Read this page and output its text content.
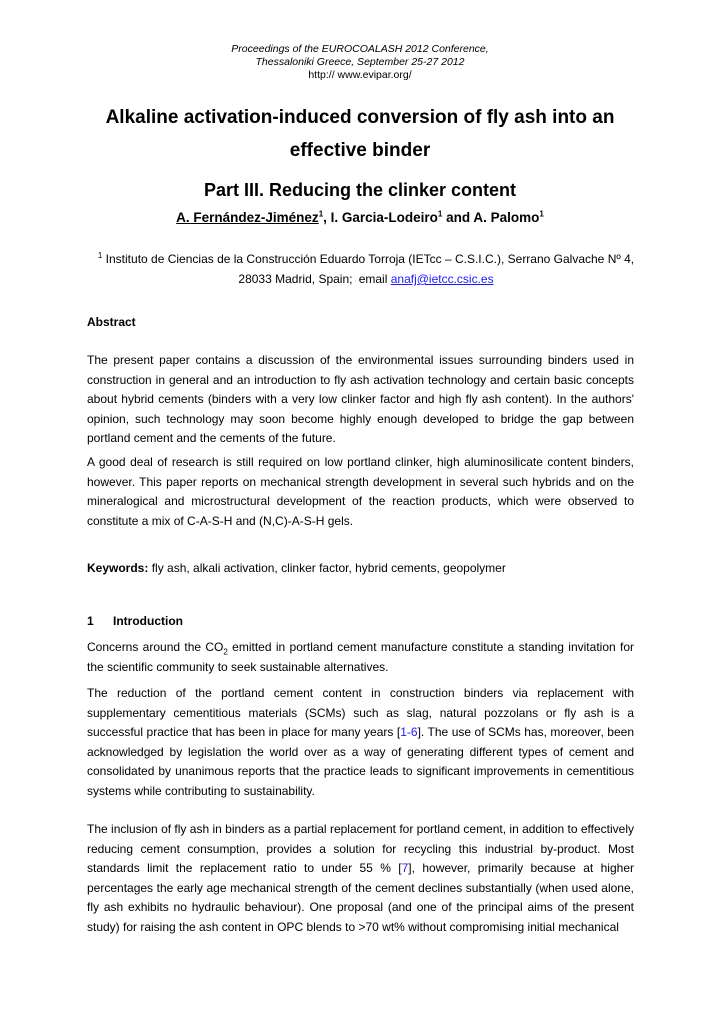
Proceedings of the EUROCOALASH 2012 Conference,
Thessaloniki Greece, September 25-27 2012
http:// www.evipar.org/
Alkaline activation-induced conversion of fly ash into an
effective binder
Part III. Reducing the clinker content
A. Fernández-Jiménez$^1$, I. Garcia-Lodeiro$^1$ and A. Palomo$^1$
$^1$ Instituto de Ciencias de la Construcción Eduardo Torroja (IETcc – C.S.I.C.), Serrano Galvache Nº 4,
28033 Madrid, Spain; · email anafj@ietcc.csic.es
Abstract
The present paper contains a discussion of the environmental issues surrounding binders used in construction in general and an introduction to fly ash activation technology and certain basic concepts about hybrid cements (binders with a very low clinker factor and high fly ash content). In the authors' opinion, such technology may soon become highly enough developed to bridge the gap between portland cement and the cements of the future.
A good deal of research is still required on low portland clinker, high aluminosilicate content binders, however. This paper reports on mechanical strength development in several such hybrids and on the mineralogical and microstructural development of the reaction products, which were observed to constitute a mix of C-A-S-H and (N,C)-A-S-H gels.
Keywords: fly ash, alkali activation, clinker factor, hybrid cements, geopolymer
1 Introduction
Concerns around the $CO_2$ emitted in portland cement manufacture constitute a standing invitation for the scientific community to seek sustainable alternatives.
The reduction of the portland cement content in construction binders via replacement with supplementary cementitious materials (SCMs) such as slag, natural pozzolans or fly ash is a successful practice that has been in place for many years [1-6]. The use of SCMs has, moreover, been acknowledged by legislation the world over as a way of generating different types of cement and consolidated by unanimous reports that the practice leads to significant improvements in cementitious systems while contributing to sustainability.
The inclusion of fly ash in binders as a partial replacement for portland cement, in addition to effectively reducing cement consumption, provides a solution for recycling this industrial by-product. Most standards limit the replacement ratio to under 55 % [7], however, primarily because at higher percentages the early age mechanical strength of the cement declines substantially (when used alone, fly ash exhibits no hydraulic behaviour). One proposal (and one of the principal aims of the present study) for raising the ash content in OPC blends to >70 wt% without compromising initial mechanical
